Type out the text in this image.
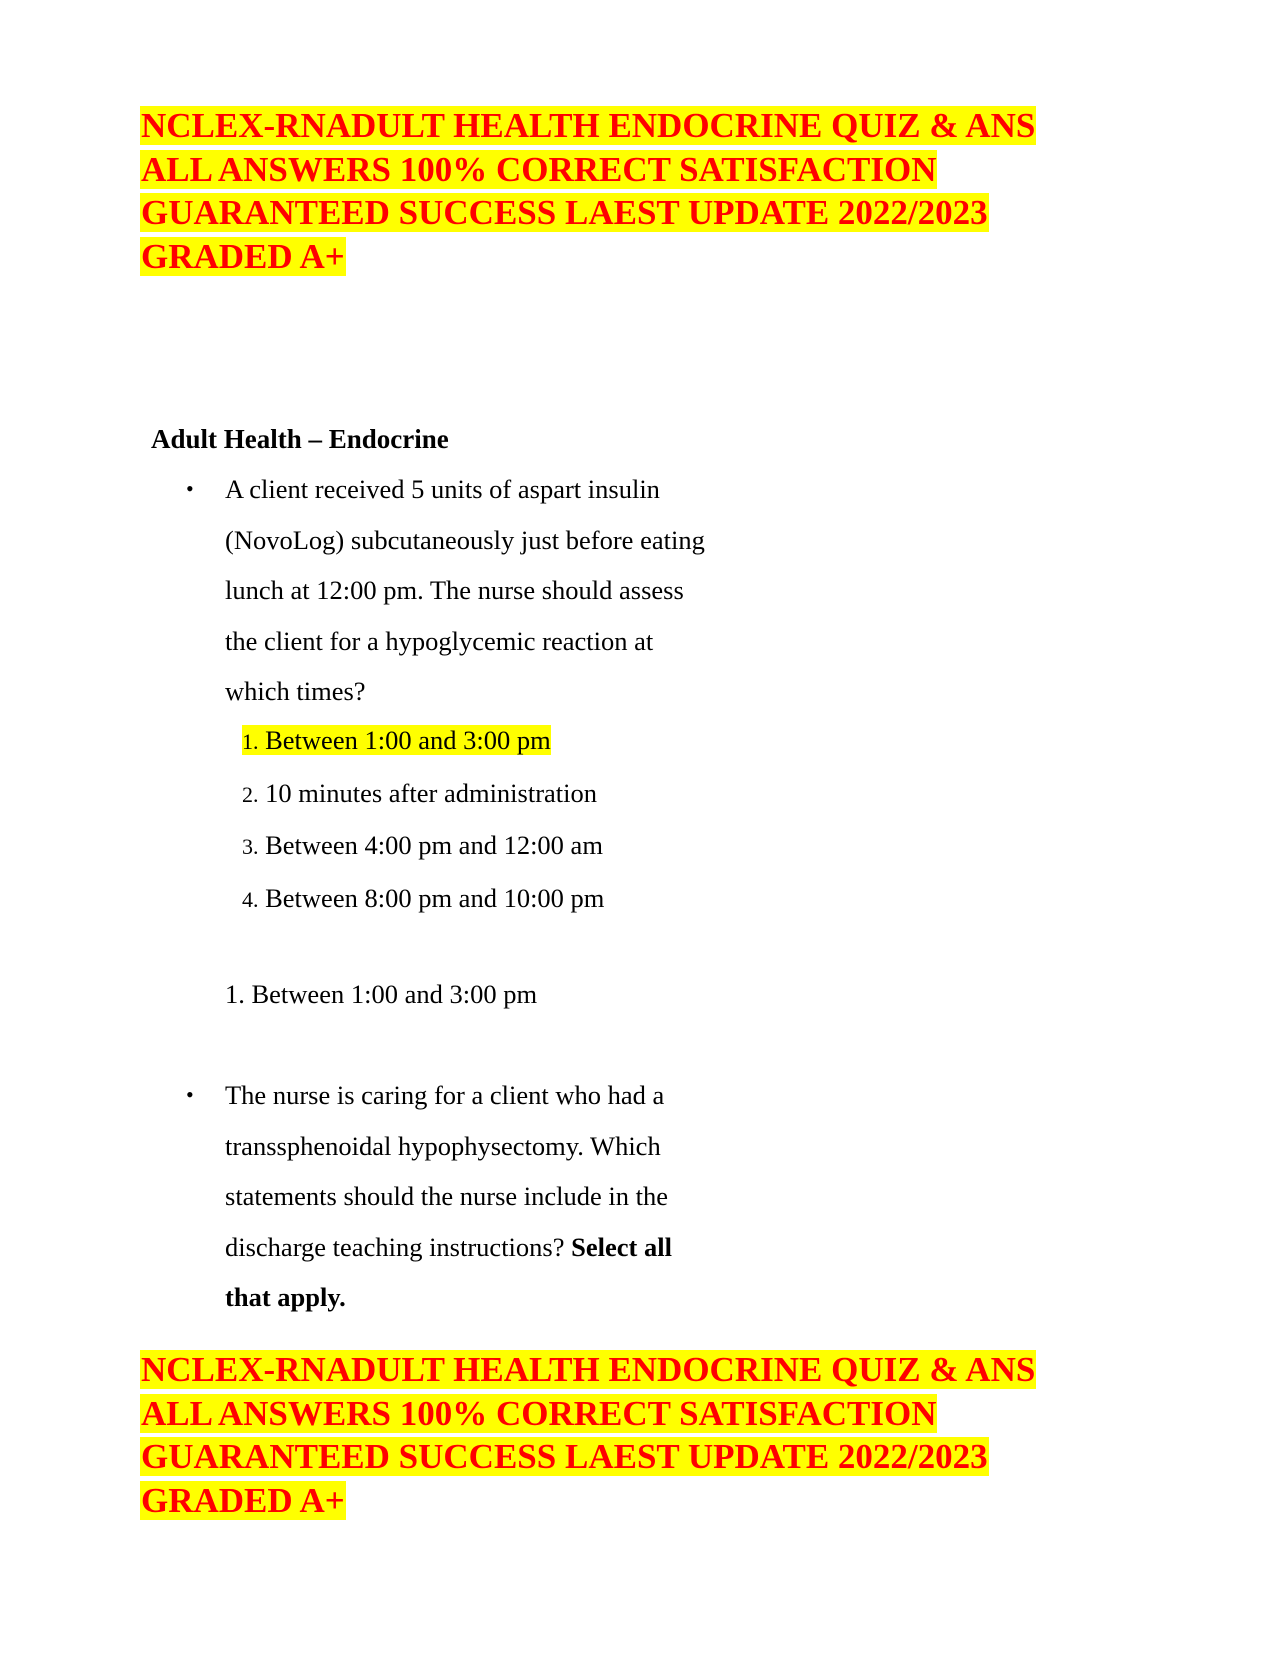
NCLEX-RNADULT HEALTH ENDOCRINE QUIZ & ANS
ALL ANSWERS 100% CORRECT SATISFACTION
GUARANTEED SUCCESS LAEST UPDATE 2022/2023
GRADED A+
Adult Health – Endocrine
• A client received 5 units of aspart insulin
(NovoLog) subcutaneously just before eating
lunch at 12:00 pm. The nurse should assess
the client for a hypoglycemic reaction at
which times?
1. Between 1:00 and 3:00 pm
2. 10 minutes after administration
3. Between 4:00 pm and 12:00 am
4. Between 8:00 pm and 10:00 pm
1. Between 1:00 and 3:00 pm
• The nurse is caring for a client who had a
transsphenoidal hypophysectomy. Which
statements should the nurse include in the
discharge teaching instructions? Select all
that apply.
NCLEX-RNADULT HEALTH ENDOCRINE QUIZ & ANS
ALL ANSWERS 100% CORRECT SATISFACTION
GUARANTEED SUCCESS LAEST UPDATE 2022/2023
GRADED A+
